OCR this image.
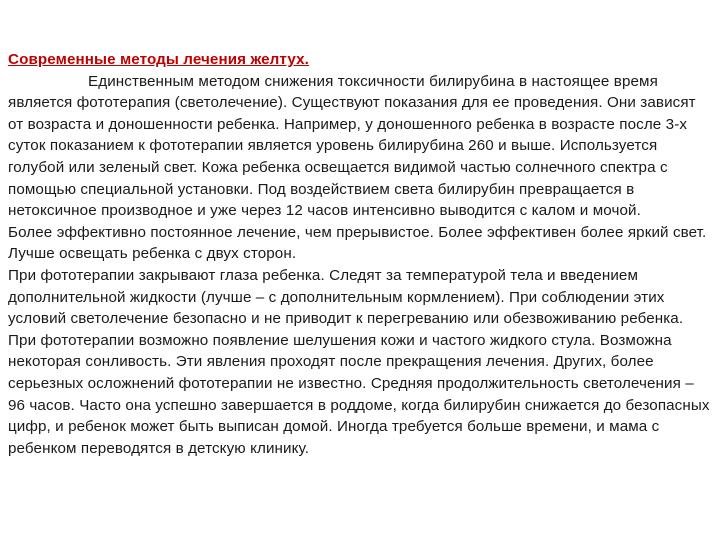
Современные методы лечения желтух.
Единственным методом снижения токсичности билирубина в настоящее время является фототерапия (светолечение). Существуют показания для ее проведения. Они зависят от возраста и доношенности ребенка. Например, у доношенного ребенка в возрасте после 3-х суток показанием к фототерапии является уровень билирубина 260 и выше. Используется голубой или зеленый свет. Кожа ребенка освещается видимой частью солнечного спектра с помощью специальной установки. Под воздействием света билирубин превращается в нетоксичное производное и уже через 12 часов интенсивно выводится с калом и мочой.
Более эффективно постоянное лечение, чем прерывистое. Более эффективен более яркий свет. Лучше освещать ребенка с двух сторон.
При фототерапии закрывают глаза ребенка. Следят за температурой тела и введением дополнительной жидкости (лучше – с дополнительным кормлением). При соблюдении этих условий светолечение безопасно и не приводит к перегреванию или обезвоживанию ребенка. При фототерапии возможно появление шелушения кожи и частого жидкого стула. Возможна некоторая сонливость. Эти явления проходят после прекращения лечения. Других, более серьезных осложнений фототерапии не известно. Средняя продолжительность светолечения – 96 часов. Часто она успешно завершается в роддоме, когда билирубин снижается до безопасных цифр, и ребенок может быть выписан домой. Иногда требуется больше времени, и мама с ребенком переводятся в детскую клинику.
